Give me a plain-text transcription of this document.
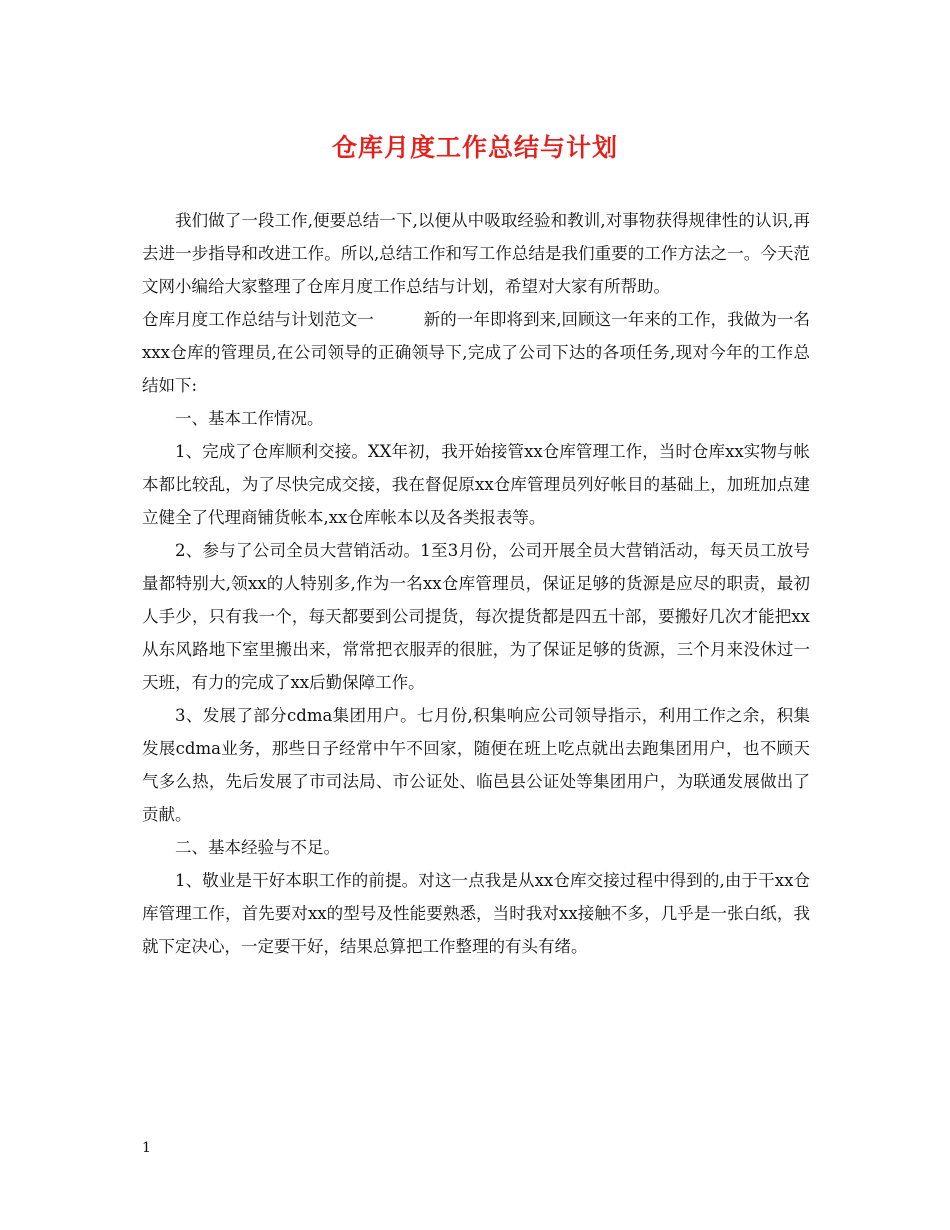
仓库月度工作总结与计划

我们做了一段工作,便要总结一下,以便从中吸取经验和教训,对事物获得规律性的认识,再去进一步指导和改进工作。所以,总结工作和写工作总结是我们重要的工作方法之一。今天范文网小编给大家整理了仓库月度工作总结与计划，希望对大家有所帮助。

仓库月度工作总结与计划范文一　　　新的一年即将到来,回顾这一年来的工作，我做为一名xxx仓库的管理员,在公司领导的正确领导下,完成了公司下达的各项任务,现对今年的工作总结如下:

一、基本工作情况。

1、完成了仓库顺利交接。XX年初，我开始接管xx仓库管理工作，当时仓库xx实物与帐本都比较乱，为了尽快完成交接，我在督促原xx仓库管理员列好帐目的基础上，加班加点建立健全了代理商铺货帐本,xx仓库帐本以及各类报表等。

2、参与了公司全员大营销活动。1至3月份，公司开展全员大营销活动，每天员工放号量都特别大,领xx的人特别多,作为一名xx仓库管理员，保证足够的货源是应尽的职责，最初人手少，只有我一个，每天都要到公司提货，每次提货都是四五十部，要搬好几次才能把xx从东风路地下室里搬出来，常常把衣服弄的很脏，为了保证足够的货源，三个月来没休过一天班，有力的完成了xx后勤保障工作。

3、发展了部分cdma集团用户。七月份,积集响应公司领导指示，利用工作之余，积集发展cdma业务，那些日子经常中午不回家，随便在班上吃点就出去跑集团用户，也不顾天气多么热，先后发展了市司法局、市公证处、临邑县公证处等集团用户，为联通发展做出了贡献。

二、基本经验与不足。

1、敬业是干好本职工作的前提。对这一点我是从xx仓库交接过程中得到的,由于干xx仓库管理工作，首先要对xx的型号及性能要熟悉，当时我对xx接触不多，几乎是一张白纸，我就下定决心，一定要干好，结果总算把工作整理的有头有绪。

1
